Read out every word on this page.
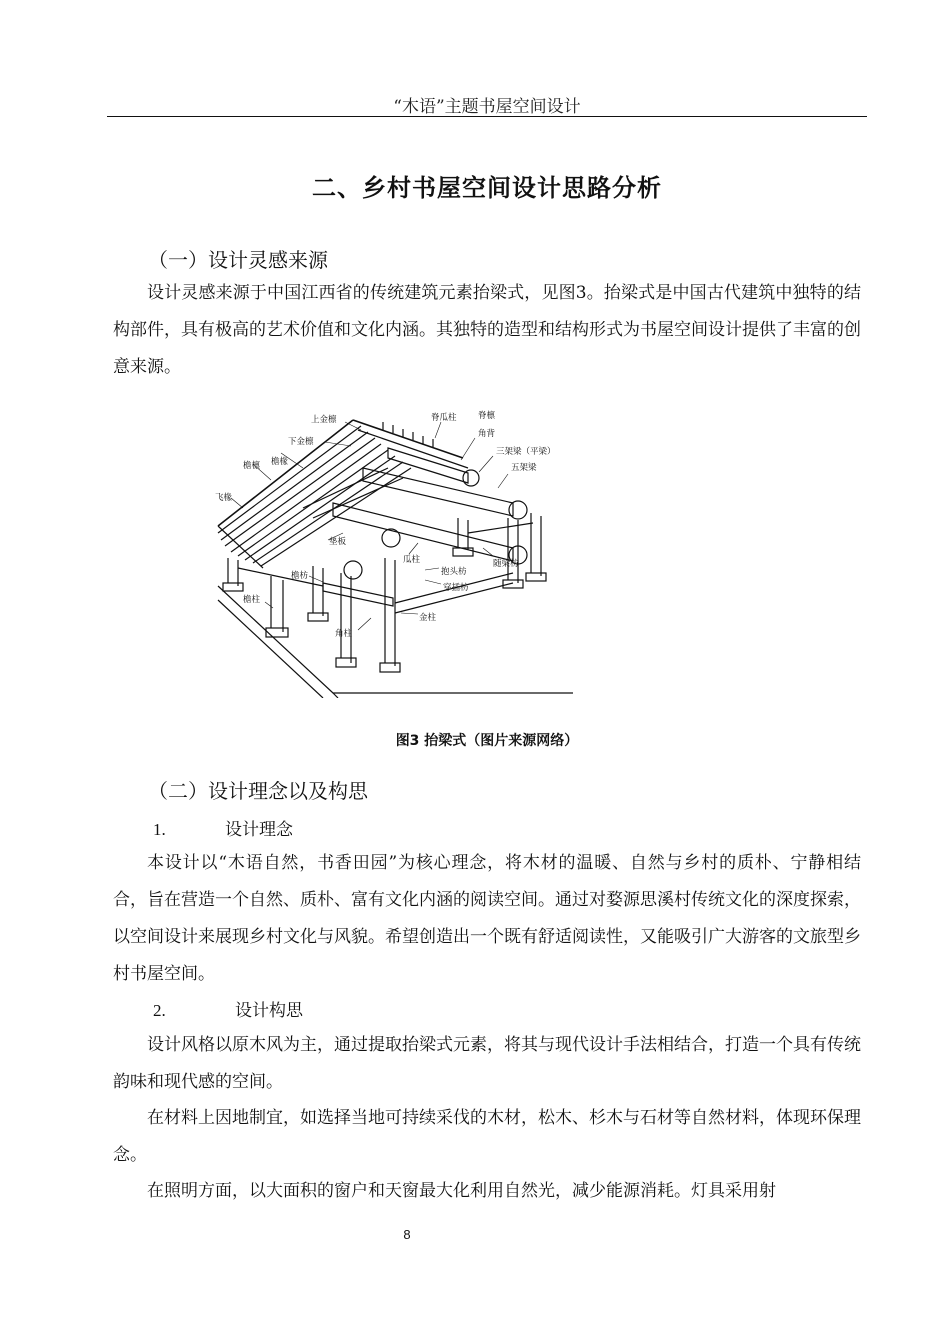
“木语”主题书屋空间设计
二、乡村书屋空间设计思路分析
（一）设计灵感来源

设计灵感来源于中国江西省的传统建筑元素抬梁式，见图3。抬梁式是中国古代建筑中独特的结构部件，具有极高的艺术价值和文化内涵。其独特的造型和结构形式为书屋空间设计提供了丰富的创意来源。

上金檩	脊瓜柱	脊檩
角背
下金檩
三架梁（平梁）
五架梁
檐檩 檐椽
飞椽
垫板
瓜柱	随梁枋
抱头枋
穿插枋
檐枋
檐柱
金柱
角柱
图3 抬梁式（图片来源网络）
（二）设计理念以及构思
1.	设计理念

本设计以“木语自然，书香田园”为核心理念，将木材的温暖、自然与乡村的质朴、宁静相结合，旨在营造一个自然、质朴、富有文化内涵的阅读空间。通过对婺源思溪村传统文化的深度探索，以空间设计来展现乡村文化与风貌。希望创造出一个既有舒适阅读性，又能吸引广大游客的文旅型乡村书屋空间。

2.	设计构思

设计风格以原木风为主，通过提取抬梁式元素，将其与现代设计手法相结合，打造一个具有传统韵味和现代感的空间。

在材料上因地制宜，如选择当地可持续采伐的木材，松木、杉木与石材等自然材料，体现环保理念。

在照明方面，以大面积的窗户和天窗最大化利用自然光，减少能源消耗。灯具采用射

8
